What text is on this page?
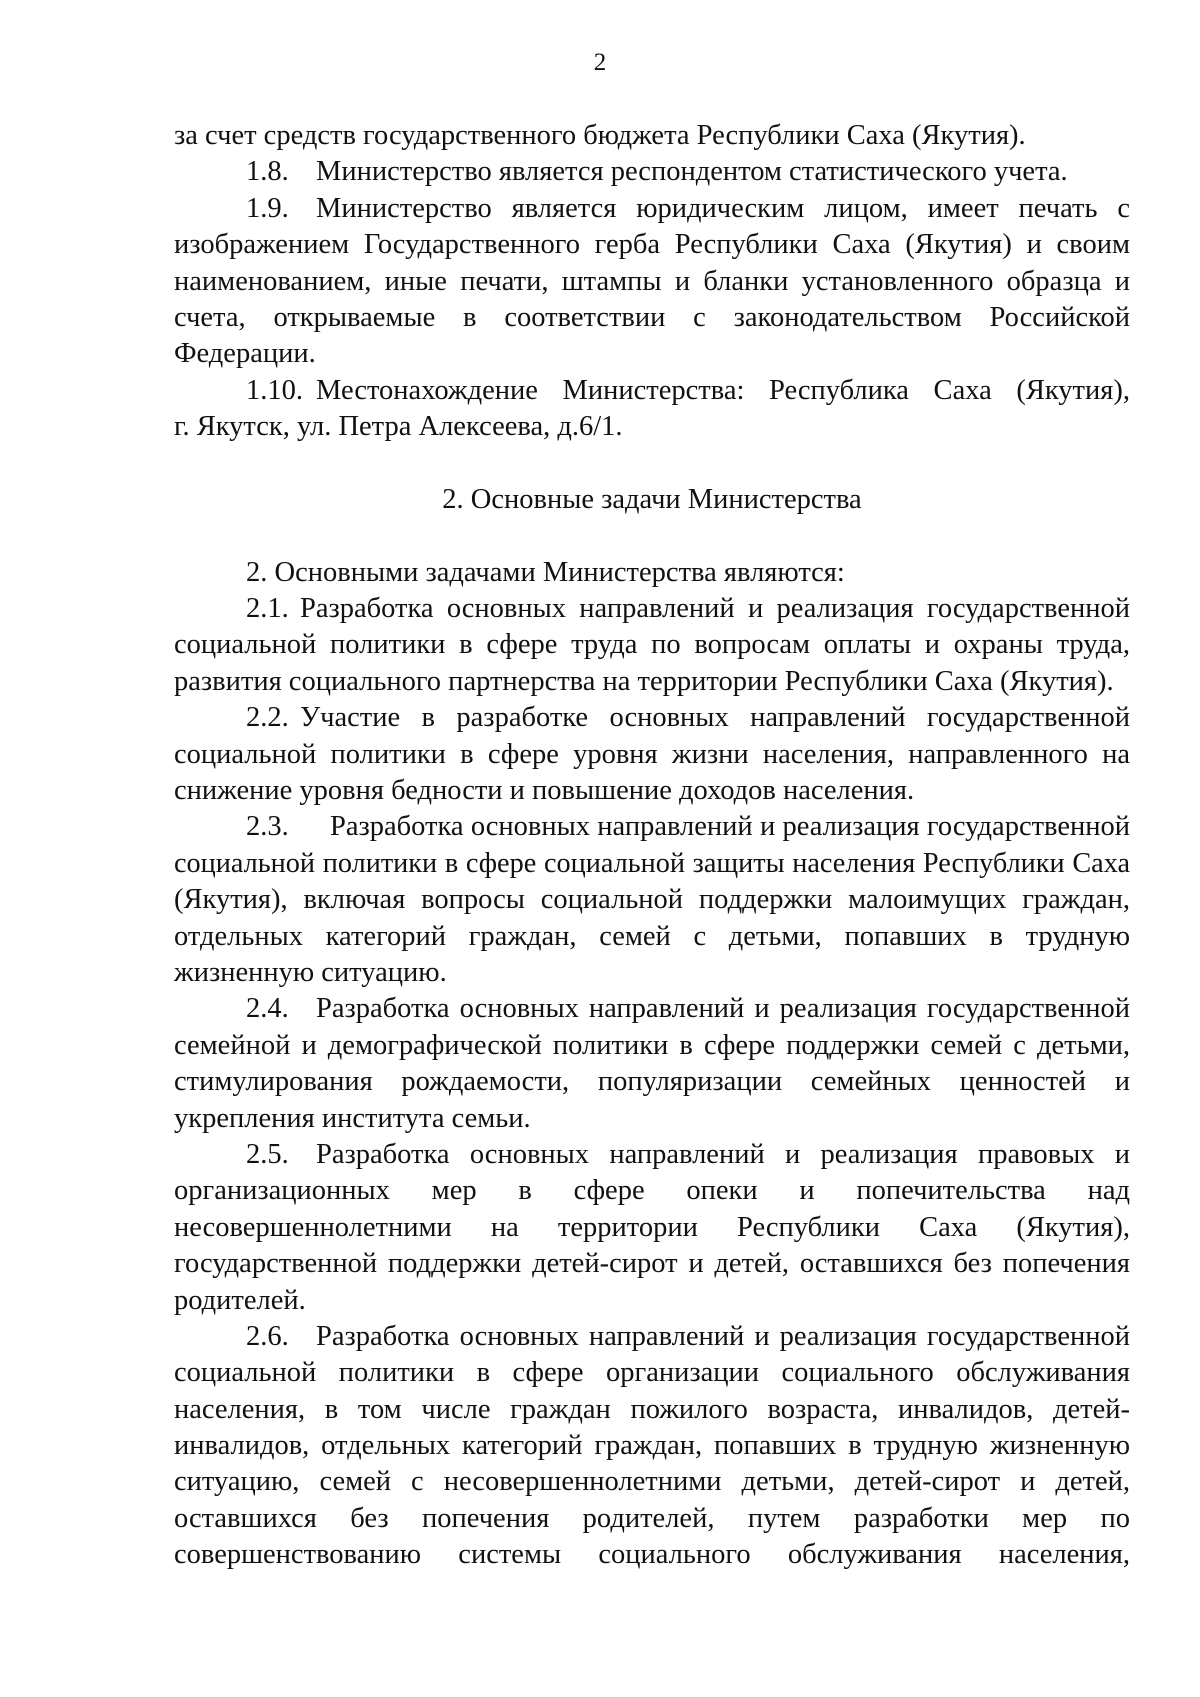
2
за счет средств государственного бюджета Республики Саха (Якутия).
1.8. Министерство является респондентом статистического учета.
1.9. Министерство является юридическим лицом, имеет печать с
изображением Государственного герба Республики Саха (Якутия) и своим
наименованием, иные печати, штампы и бланки установленного образца и
счета, открываемые в соответствии с законодательством Российской
Федерации.
1.10. Местонахождение Министерства: Республика Саха (Якутия),
г. Якутск, ул. Петра Алексеева, д.6/1.
2. Основные задачи Министерства
2. Основными задачами Министерства являются:
2.1. Разработка основных направлений и реализация государственной
социальной политики в сфере труда по вопросам оплаты и охраны труда,
развития социального партнерства на территории Республики Саха (Якутия).
2.2. Участие в разработке основных направлений государственной
социальной политики в сфере уровня жизни населения, направленного на
снижение уровня бедности и повышение доходов населения.
2.3. Разработка основных направлений и реализация государственной
социальной политики в сфере социальной защиты населения Республики Саха
(Якутия), включая вопросы социальной поддержки малоимущих граждан,
отдельных категорий граждан, семей с детьми, попавших в трудную
жизненную ситуацию.
2.4. Разработка основных направлений и реализация государственной
семейной и демографической политики в сфере поддержки семей с детьми,
стимулирования рождаемости, популяризации семейных ценностей и
укрепления института семьи.
2.5. Разработка основных направлений и реализация правовых и
организационных мер в сфере опеки и попечительства над
несовершеннолетними на территории Республики Саха (Якутия),
государственной поддержки детей-сирот и детей, оставшихся без попечения
родителей.
2.6. Разработка основных направлений и реализация государственной
социальной политики в сфере организации социального обслуживания
населения, в том числе граждан пожилого возраста, инвалидов, детей-
инвалидов, отдельных категорий граждан, попавших в трудную жизненную
ситуацию, семей с несовершеннолетними детьми, детей-сирот и детей,
оставшихся без попечения родителей, путем разработки мер по
совершенствованию системы социального обслуживания населения,
